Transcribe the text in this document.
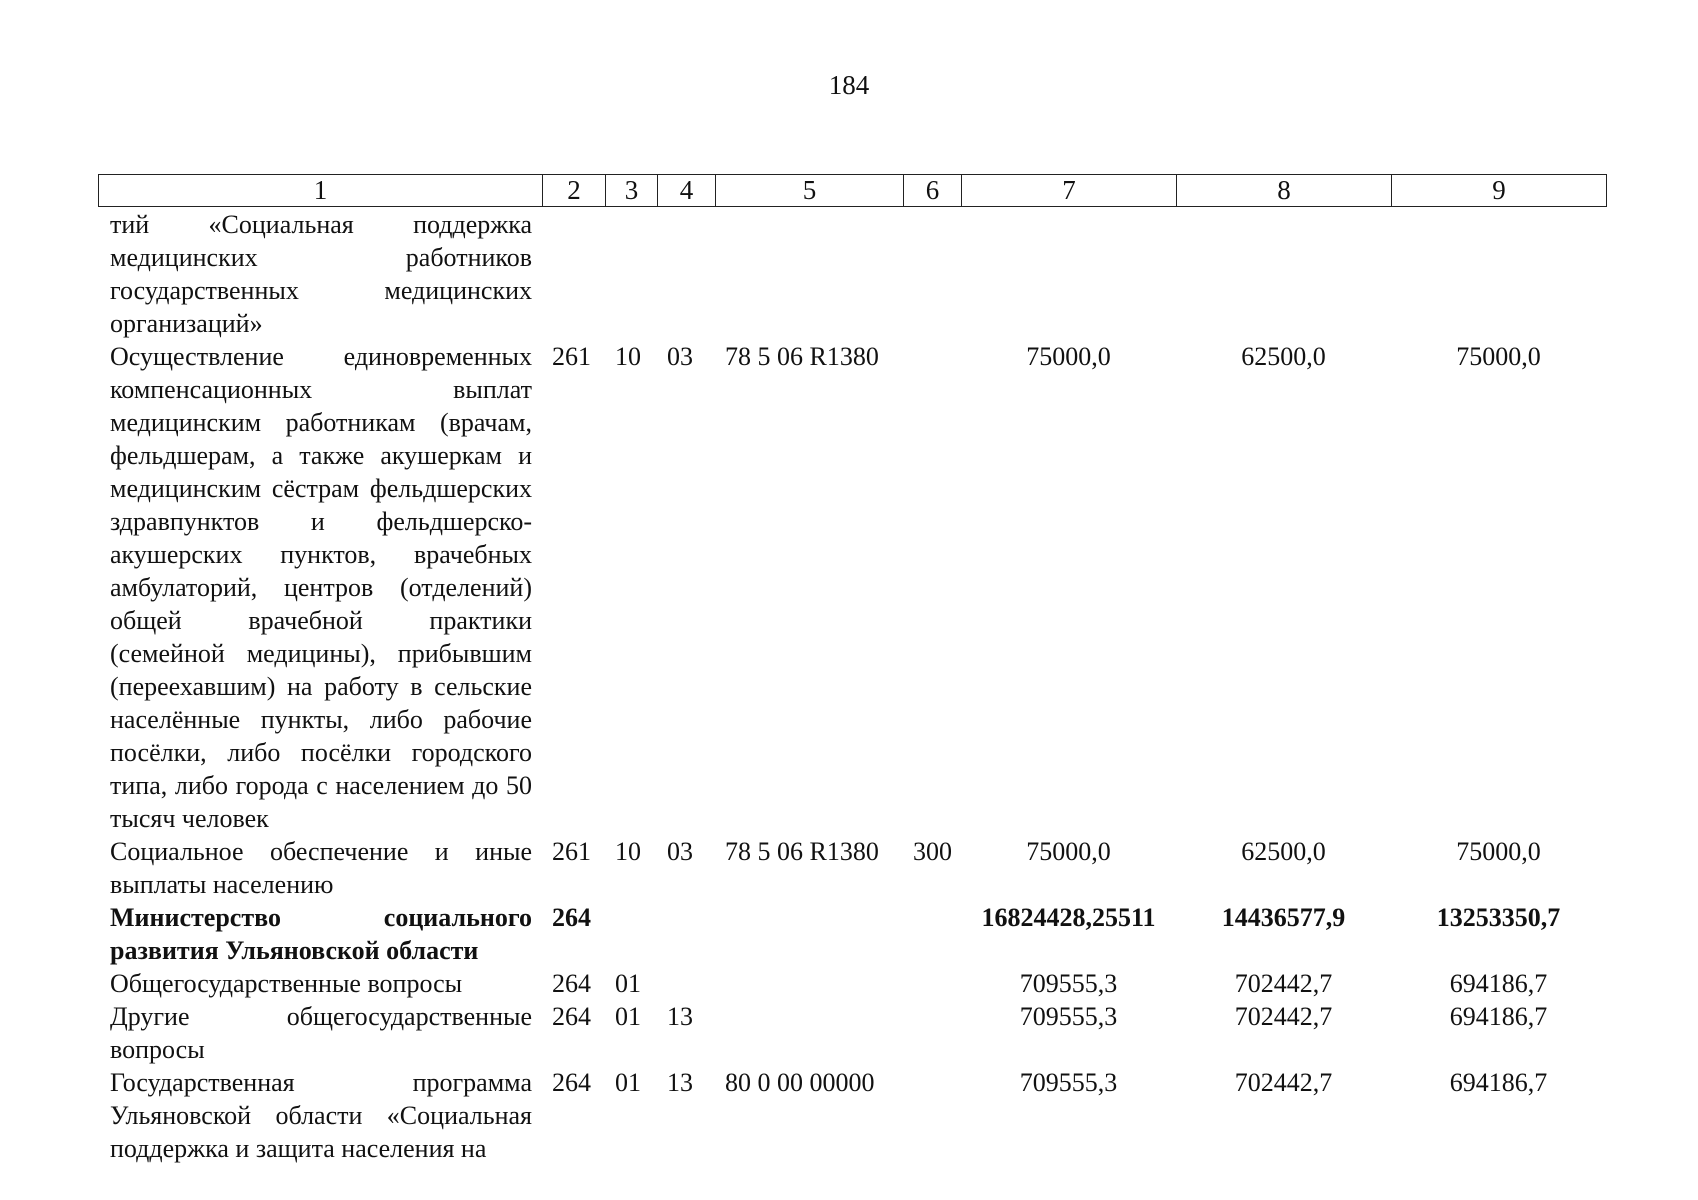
184
1	2	3	4	5	6	7	8	9
тий «Социальная поддержка медицинских работников государственных медицинских организаций»								
Осуществление единовременных компенсационных выплат медицинским работникам (врачам, фельдшерам, а также акушеркам и медицинским сёстрам фельдшерских здравпунктов и фельдшерско-акушерских пунктов, врачебных амбулаторий, центров (отделений) общей врачебной практики (семейной медицины), прибывшим (переехавшим) на работу в сельские населённые пункты, либо рабочие посёлки, либо посёлки городского типа, либо города с населением до 50 тысяч человек	261	10	03	78 5 06 R1380		75000,0	62500,0	75000,0
Социальное обеспечение и иные выплаты населению	261	10	03	78 5 06 R1380	300	75000,0	62500,0	75000,0
Министерство социального развития Ульяновской области	264					16824428,25511	14436577,9	13253350,7
Общегосударственные вопросы	264	01				709555,3	702442,7	694186,7
Другие общегосударственные вопросы	264	01	13			709555,3	702442,7	694186,7
Государственная программа Ульяновской области «Социальная поддержка и защита населения на	264	01	13	80 0 00 00000		709555,3	702442,7	694186,7
